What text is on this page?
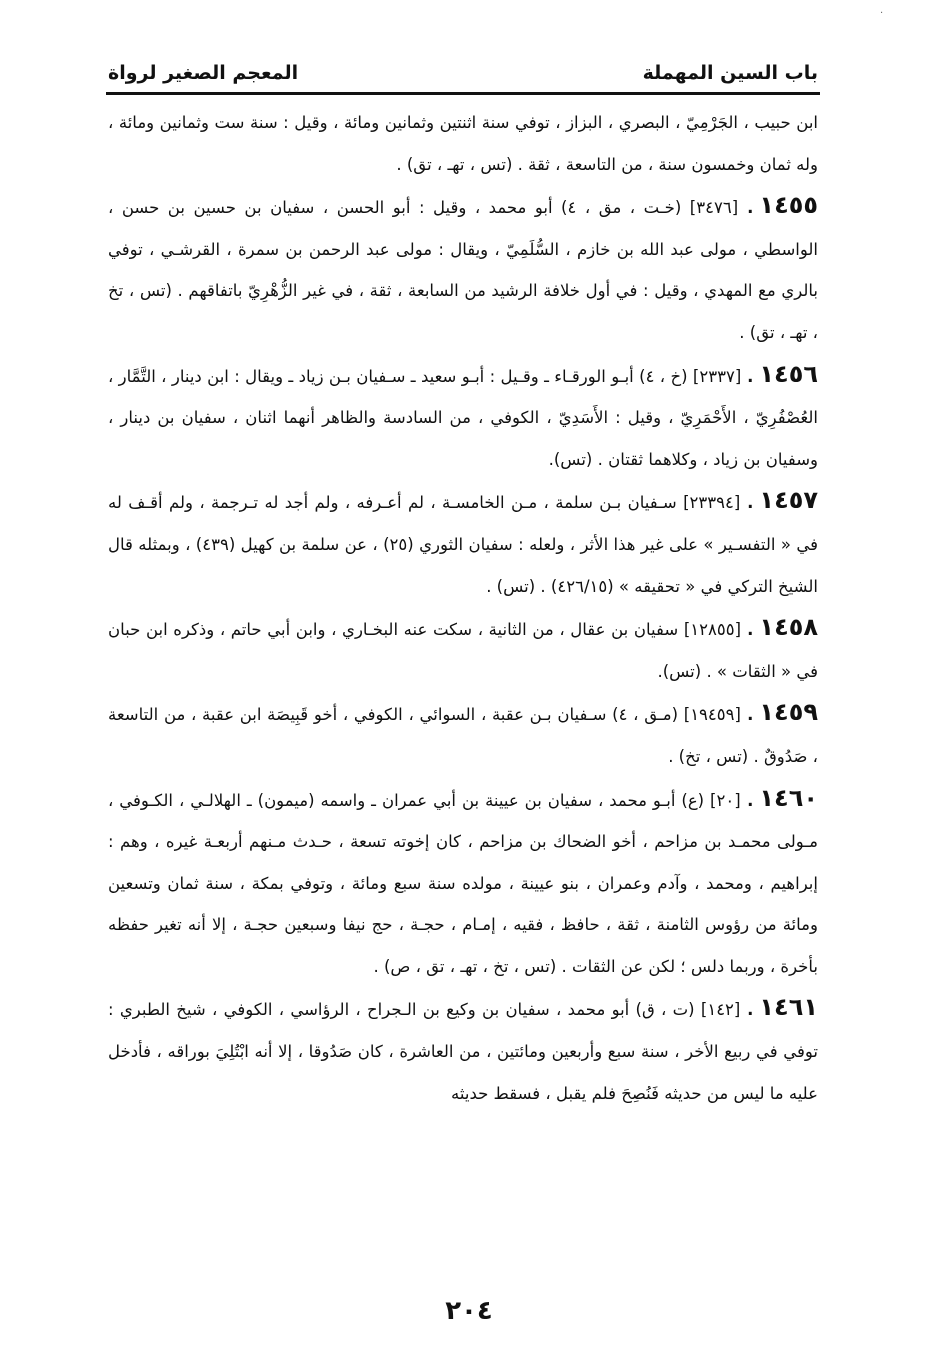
·
باب السين المهملة
المعجم الصغير لرواة

ابن حبيب ، الجَرْمِيّ ، البصري ، البزاز ، توفي سنة اثنتين وثمانين ومائة ، وقيل : سنة ست وثمانين ومائة ، وله ثمان وخمسون سنة ، من التاسعة ، ثقة . (تس ، تهـ ، تق) .

١٤٥٥. [٣٤٧٦] (خـت ، مق ، ٤) أبو محمد ، وقيل : أبو الحسن ، سفيان بن حسين بن حسن ، الواسطي ، مولى عبد الله بن خازم ، السُّلَمِيّ ، ويقال : مولى عبد الرحمن بن سمرة ، القرشـي ، توفي بالري مع المهدي ، وقيل : في أول خلافة الرشيد من السابعة ، ثقة ، في غير الزُّهْرِيّ باتفاقهم . (تس ، تخ ، تهـ ، تق) .

١٤٥٦. [٢٣٣٧] (خ ، ٤) أبـو الورقـاء ـ وقـيل : أبـو سعيد ـ سـفيان بـن زياد ـ ويقال : ابن دينار ، التَّمَّار ، العُصْفُرِيّ ، الأَحْمَرِيّ ، وقيل : الأَسَدِيّ ، الكوفي ، من السادسة والظاهر أنهما اثنان ، سفيان بن دينار ، وسفيان بن زياد ، وكلاهما ثقتان . (تس).

١٤٥٧. [٢٣٣٩٤] سـفيان بـن سلمة ، مـن الخامسـة ، لم أعـرفه ، ولم أجد له تـرجمة ، ولم أقـف له في « التفسـير » على غير هذا الأثر ، ولعله : سفيان الثوري (٢٥) ، عن سلمة بن كهيل (٤٣٩) ، وبمثله قال الشيخ التركي في « تحقيقه » (٤٢٦/١٥) . (تس) .

١٤٥٨. [١٢٨٥٥] سفيان بن عقال ، من الثانية ، سكت عنه البخـاري ، وابن أبي حاتم ، وذكره ابن حبان في « الثقات » . (تس).

١٤٥٩. [١٩٤٥٩] (مـق ، ٤) سـفيان بـن عقبة ، السوائي ، الكوفي ، أخو قَبِيصَة ابن عقبة ، من التاسعة ، صَدُوقٌ . (تس ، تخ) .

١٤٦٠. [٢٠] (ع) أبـو محمد ، سفيان بن عيينة بن أبي عمران ـ واسمه (ميمون) ـ الهلالـي ، الكـوفي ، مـولى محمـد بن مزاحم ، أخو الضحاك بن مزاحم ، كان إخوته تسعة ، حـدث مـنهم أربعـة غيره ، وهم : إبراهيم ، ومحمد ، وآدم وعمران ، بنو عيينة ، مولده سنة سبع ومائة ، وتوفي بمكة ، سنة ثمان وتسعين ومائة من رؤوس الثامنة ، ثقة ، حافظ ، فقيه ، إمـام ، حجـة ، حج نيفا وسبعين حجـة ، إلا أنه تغير حفظه بأخرة ، وربما دلس ؛ لكن عن الثقات . (تس ، تخ ، تهـ ، تق ، ص) .

١٤٦١. [١٤٢] (ت ، ق) أبو محمد ، سفيان بن وكيع بن الـجراح ، الرؤاسي ، الكوفي ، شيخ الطبري : توفي في ربيع الأخر ، سنة سبع وأربعين ومائتين ، من العاشرة ، كان صَدُوقا ، إلا أنه ابْتُلِيَ بوراقه ، فأدخل عليه ما ليس من حديثه فَنُصِحَ فلم يقبل ، فسقط حديثه

٢٠٤
